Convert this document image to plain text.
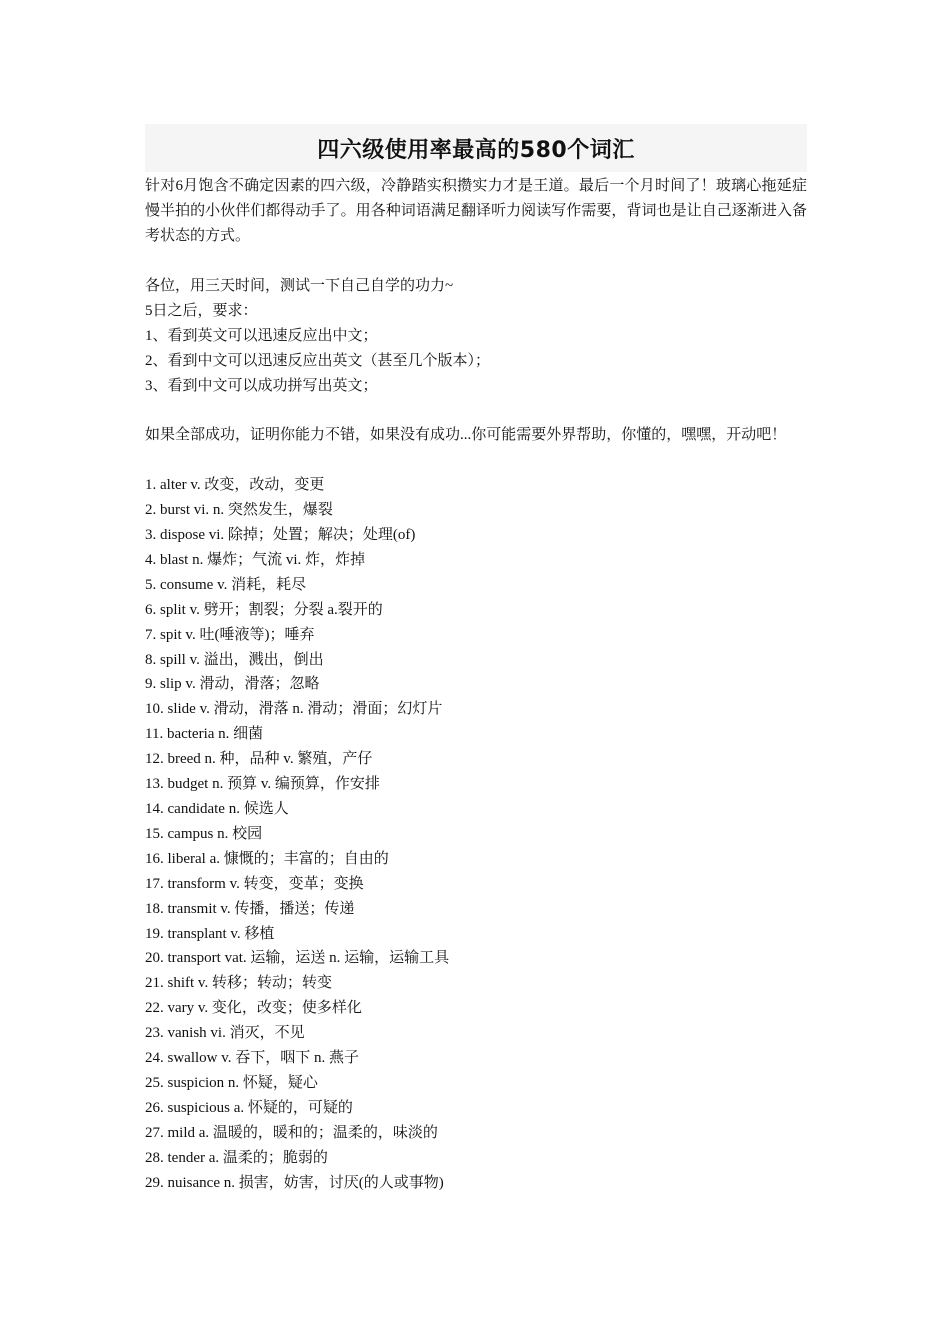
四六级使用率最高的580个词汇
针对6月饱含不确定因素的四六级，冷静踏实积攒实力才是王道。最后一个月时间了！玻璃心拖延症慢半拍的小伙伴们都得动手了。用各种词语满足翻译听力阅读写作需要，背词也是让自己逐渐进入备考状态的方式。
各位，用三天时间，测试一下自己自学的功力~
5日之后，要求：
1、看到英文可以迅速反应出中文；
2、看到中文可以迅速反应出英文（甚至几个版本）；
3、看到中文可以成功拼写出英文；
如果全部成功，证明你能力不错，如果没有成功...你可能需要外界帮助，你懂的，嘿嘿，开动吧！
1. alter v. 改变，改动，变更
2. burst vi. n. 突然发生，爆裂
3. dispose vi. 除掉；处置；解决；处理(of)
4. blast n. 爆炸；气流 vi. 炸，炸掉
5. consume v. 消耗，耗尽
6. split v. 劈开；割裂；分裂 a.裂开的
7. spit v. 吐(唾液等)；唾弃
8. spill v. 溢出，溅出，倒出
9. slip v. 滑动，滑落；忽略
10. slide v. 滑动，滑落 n. 滑动；滑面；幻灯片
11. bacteria n. 细菌
12. breed n. 种，品种 v. 繁殖，产仔
13. budget n. 预算 v. 编预算，作安排
14. candidate n. 候选人
15. campus n. 校园
16. liberal a. 慷慨的；丰富的；自由的
17. transform v. 转变，变革；变换
18. transmit v. 传播，播送；传递
19. transplant v. 移植
20. transport vat. 运输，运送 n. 运输，运输工具
21. shift v. 转移；转动；转变
22. vary v. 变化，改变；使多样化
23. vanish vi. 消灭，不见
24. swallow v. 吞下，咽下 n. 燕子
25. suspicion n. 怀疑，疑心
26. suspicious a. 怀疑的，可疑的
27. mild a. 温暖的，暖和的；温柔的，味淡的
28. tender a. 温柔的；脆弱的
29. nuisance n. 损害，妨害，讨厌(的人或事物)
